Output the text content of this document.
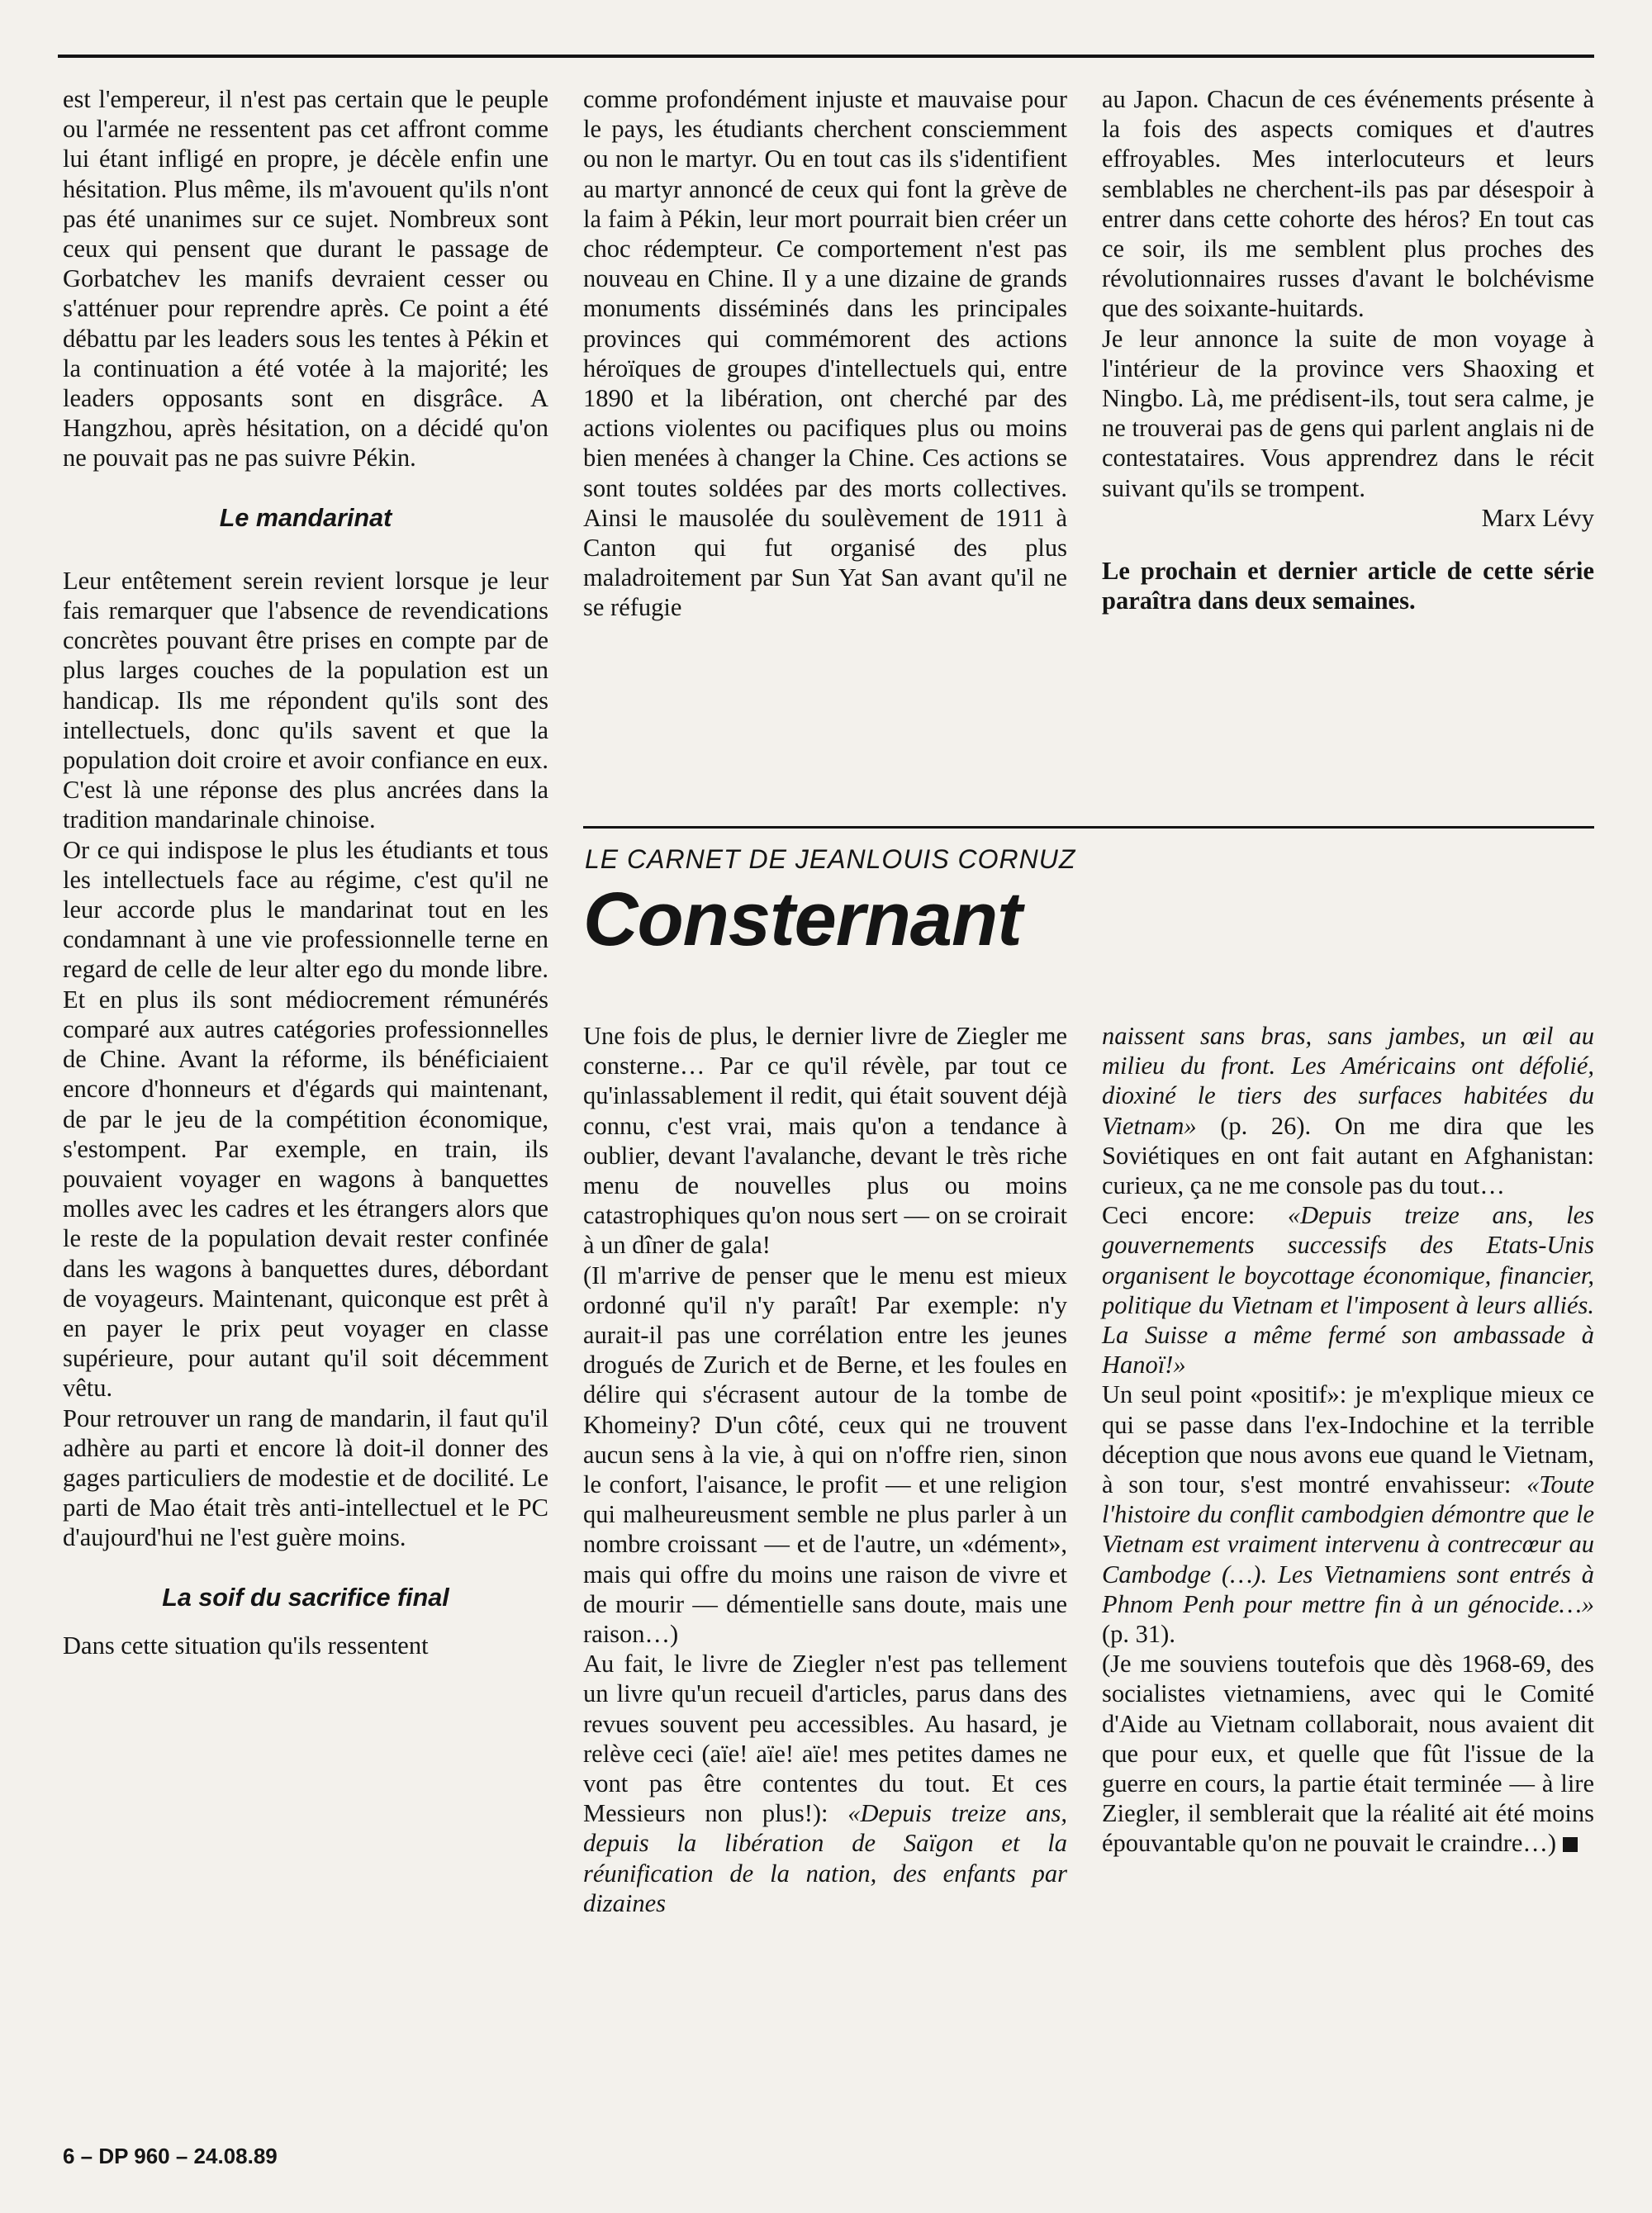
est l'empereur, il n'est pas certain que le peuple ou l'armée ne ressentent pas cet affront comme lui étant infligé en propre, je décèle enfin une hésitation. Plus même, ils m'avouent qu'ils n'ont pas été unanimes sur ce sujet. Nombreux sont ceux qui pensent que durant le passage de Gorbatchev les manifs devraient cesser ou s'atténuer pour reprendre après. Ce point a été débattu par les leaders sous les tentes à Pékin et la continuation a été votée à la majorité; les leaders opposants sont en disgrâce. A Hangzhou, après hésitation, on a décidé qu'on ne pouvait pas ne pas suivre Pékin.

Le mandarinat

Leur entêtement serein revient lorsque je leur fais remarquer que l'absence de revendications concrètes pouvant être prises en compte par de plus larges couches de la population est un handicap. Ils me répondent qu'ils sont des intellectuels, donc qu'ils savent et que la population doit croire et avoir confiance en eux. C'est là une réponse des plus ancrées dans la tradition mandarinale chinoise.

Or ce qui indispose le plus les étudiants et tous les intellectuels face au régime, c'est qu'il ne leur accorde plus le mandarinat tout en les condamnant à une vie professionnelle terne en regard de celle de leur alter ego du monde libre. Et en plus ils sont médiocrement rémunérés comparé aux autres catégories professionnelles de Chine. Avant la réforme, ils bénéficiaient encore d'honneurs et d'égards qui maintenant, de par le jeu de la compétition économique, s'estompent. Par exemple, en train, ils pouvaient voyager en wagons à banquettes molles avec les cadres et les étrangers alors que le reste de la population devait rester confinée dans les wagons à banquettes dures, débordant de voyageurs. Maintenant, quiconque est prêt à en payer le prix peut voyager en classe supérieure, pour autant qu'il soit décemment vêtu.

Pour retrouver un rang de mandarin, il faut qu'il adhère au parti et encore là doit-il donner des gages particuliers de modestie et de docilité. Le parti de Mao était très anti-intellectuel et le PC d'aujourd'hui ne l'est guère moins.

La soif du sacrifice final

Dans cette situation qu'ils ressentent

comme profondément injuste et mauvaise pour le pays, les étudiants cherchent consciemment ou non le martyr. Ou en tout cas ils s'identifient au martyr annoncé de ceux qui font la grève de la faim à Pékin, leur mort pourrait bien créer un choc rédempteur. Ce comportement n'est pas nouveau en Chine. Il y a une dizaine de grands monuments disséminés dans les principales provinces qui commémorent des actions héroïques de groupes d'intellectuels qui, entre 1890 et la libération, ont cherché par des actions violentes ou pacifiques plus ou moins bien menées à changer la Chine. Ces actions se sont toutes soldées par des morts collectives. Ainsi le mausolée du soulèvement de 1911 à Canton qui fut organisé des plus maladroitement par Sun Yat San avant qu'il ne se réfugie

au Japon. Chacun de ces événements présente à la fois des aspects comiques et d'autres effroyables. Mes interlocuteurs et leurs semblables ne cherchent-ils pas par désespoir à entrer dans cette cohorte des héros? En tout cas ce soir, ils me semblent plus proches des révolutionnaires russes d'avant le bolchévisme que des soixante-huitards.

Je leur annonce la suite de mon voyage à l'intérieur de la province vers Shaoxing et Ningbo. Là, me prédisent-ils, tout sera calme, je ne trouverai pas de gens qui parlent anglais ni de contestataires. Vous apprendrez dans le récit suivant qu'ils se trompent.

Marx Lévy

Le prochain et dernier article de cette série paraîtra dans deux semaines.

LE CARNET DE JEANLOUIS CORNUZ

Consternant

Une fois de plus, le dernier livre de Ziegler me consterne… Par ce qu'il révèle, par tout ce qu'inlassablement il redit, qui était souvent déjà connu, c'est vrai, mais qu'on a tendance à oublier, devant l'avalanche, devant le très riche menu de nouvelles plus ou moins catastrophiques qu'on nous sert — on se croirait à un dîner de gala!

(Il m'arrive de penser que le menu est mieux ordonné qu'il n'y paraît! Par exemple: n'y aurait-il pas une corrélation entre les jeunes drogués de Zurich et de Berne, et les foules en délire qui s'écrasent autour de la tombe de Khomeiny? D'un côté, ceux qui ne trouvent aucun sens à la vie, à qui on n'offre rien, sinon le confort, l'aisance, le profit — et une religion qui malheureusment semble ne plus parler à un nombre croissant — et de l'autre, un «dément», mais qui offre du moins une raison de vivre et de mourir — démentielle sans doute, mais une raison…)

Au fait, le livre de Ziegler n'est pas tellement un livre qu'un recueil d'articles, parus dans des revues souvent peu accessibles. Au hasard, je relève ceci (aïe! aïe! aïe! mes petites dames ne vont pas être contentes du tout. Et ces Messieurs non plus!): «Depuis treize ans, depuis la libération de Saïgon et la réunification de la nation, des enfants par dizaines

naissent sans bras, sans jambes, un œil au milieu du front. Les Américains ont défolié, dioxiné le tiers des surfaces habitées du Vietnam» (p. 26). On me dira que les Soviétiques en ont fait autant en Afghanistan: curieux, ça ne me console pas du tout…

Ceci encore: «Depuis treize ans, les gouvernements successifs des Etats-Unis organisent le boycottage économique, financier, politique du Vietnam et l'imposent à leurs alliés. La Suisse a même fermé son ambassade à Hanoï!»

Un seul point «positif»: je m'explique mieux ce qui se passe dans l'ex-Indochine et la terrible déception que nous avons eue quand le Vietnam, à son tour, s'est montré envahisseur: «Toute l'histoire du conflit cambodgien démontre que le Vietnam est vraiment intervenu à contrecœur au Cambodge (…). Les Vietnamiens sont entrés à Phnom Penh pour mettre fin à un génocide…» (p. 31).

(Je me souviens toutefois que dès 1968-69, des socialistes vietnamiens, avec qui le Comité d'Aide au Vietnam collaborait, nous avaient dit que pour eux, et quelle que fût l'issue de la guerre en cours, la partie était terminée — à lire Ziegler, il semblerait que la réalité ait été moins épouvantable qu'on ne pouvait le craindre…)

6 – DP 960 – 24.08.89
